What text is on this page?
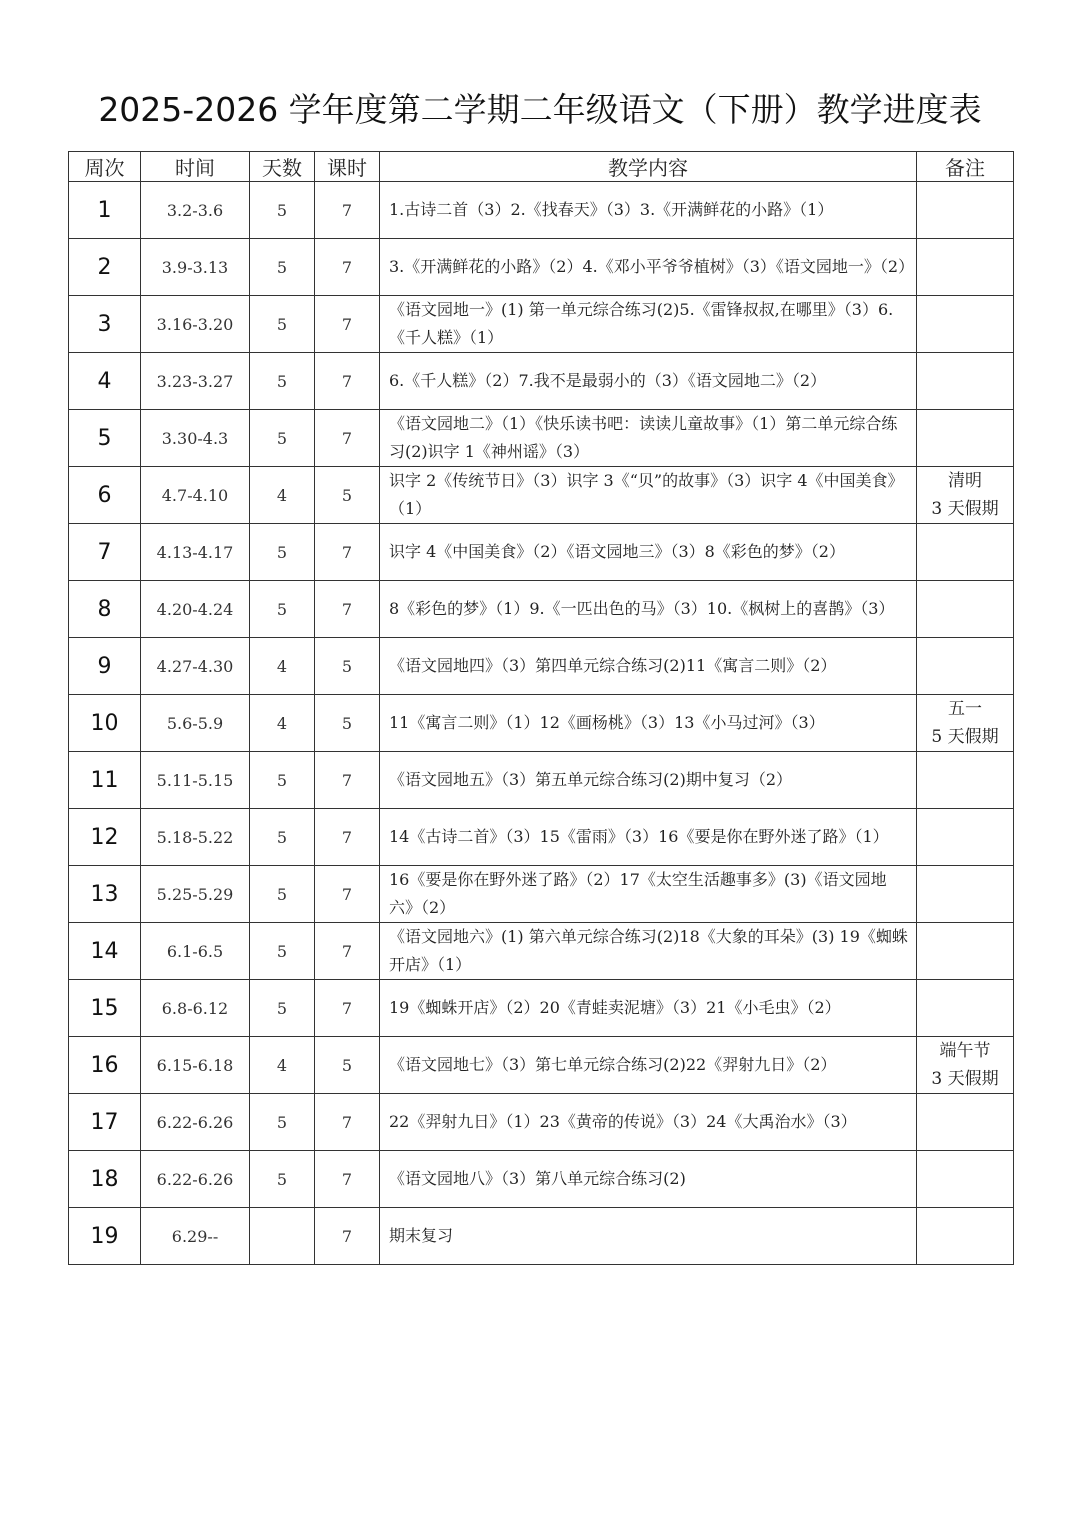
2025-2026 学年度第二学期二年级语文（下册）教学进度表
周次	时间	天数	课时	教学内容	备注
1	3.2-3.6	5	7	1.古诗二首（3）2.《找春天》（3）3.《开满鲜花的小路》（1）	

2	3.9-3.13	5	7	3.《开满鲜花的小路》（2）4.《邓小平爷爷植树》（3）《语文园地一》（2）	

3	3.16-3.20	5	7	《语文园地一》(1) 第一单元综合练习(2)5.《雷锋叔叔,在哪里》（3）6.《千人糕》（1）	

4	3.23-3.27	5	7	6.《千人糕》（2）7.我不是最弱小的（3）《语文园地二》（2）	

5	3.30-4.3	5	7	《语文园地二》（1）《快乐读书吧：读读儿童故事》（1）第二单元综合练习(2)识字 1《神州谣》（3）	

6	4.7-4.10	4	5	识字 2《传统节日》（3）识字 3《“贝”的故事》（3）识字 4《中国美食》（1）	清明
3 天假期

7	4.13-4.17	5	7	识字 4《中国美食》（2）《语文园地三》（3）8《彩色的梦》（2）	

8	4.20-4.24	5	7	8《彩色的梦》（1）9.《一匹出色的马》（3）10.《枫树上的喜鹊》（3）	

9	4.27-4.30	4	5	《语文园地四》（3）第四单元综合练习(2)11《寓言二则》（2）	

10	5.6-5.9	4	5	11《寓言二则》（1）12《画杨桃》（3）13《小马过河》（3）	五一
5 天假期

11	5.11-5.15	5	7	《语文园地五》（3）第五单元综合练习(2)期中复习（2）	

12	5.18-5.22	5	7	14《古诗二首》（3）15《雷雨》（3）16《要是你在野外迷了路》（1）	

13	5.25-5.29	5	7	16《要是你在野外迷了路》（2）17《太空生活趣事多》(3)《语文园地六》（2）	

14	6.1-6.5	5	7	《语文园地六》(1) 第六单元综合练习(2)18《大象的耳朵》(3) 19《蜘蛛开店》（1）	

15	6.8-6.12	5	7	19《蜘蛛开店》（2）20《青蛙卖泥塘》（3）21《小毛虫》（2）	

16	6.15-6.18	4	5	《语文园地七》（3）第七单元综合练习(2)22《羿射九日》（2）	端午节
3 天假期

17	6.22-6.26	5	7	22《羿射九日》（1）23《黄帝的传说》（3）24《大禹治水》（3）	

18	6.22-6.26	5	7	《语文园地八》（3）第八单元综合练习(2)	

19	6.29--		7	期末复习	
